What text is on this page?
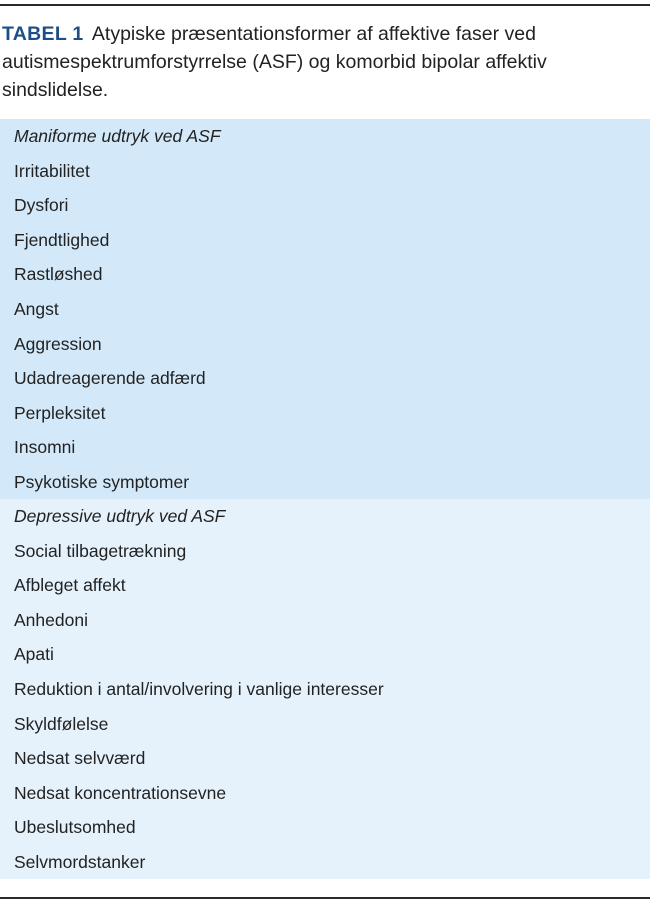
TABEL 1 Atypiske præsentationsformer af affektive faser ved autismespektrumforstyrrelse (ASF) og komorbid bipolar affektiv sindslidelse.
Maniforme udtryk ved ASF
Irritabilitet
Dysfori
Fjendtlighed
Rastløshed
Angst
Aggression
Udadreagerende adfærd
Perpleksitet
Insomni
Psykotiske symptomer
Depressive udtryk ved ASF
Social tilbagetrækning
Afbleget affekt
Anhedoni
Apati
Reduktion i antal/involvering i vanlige interesser
Skyldfølelse
Nedsat selvværd
Nedsat koncentrationsevne
Ubeslutsomhed
Selvmordstanker
